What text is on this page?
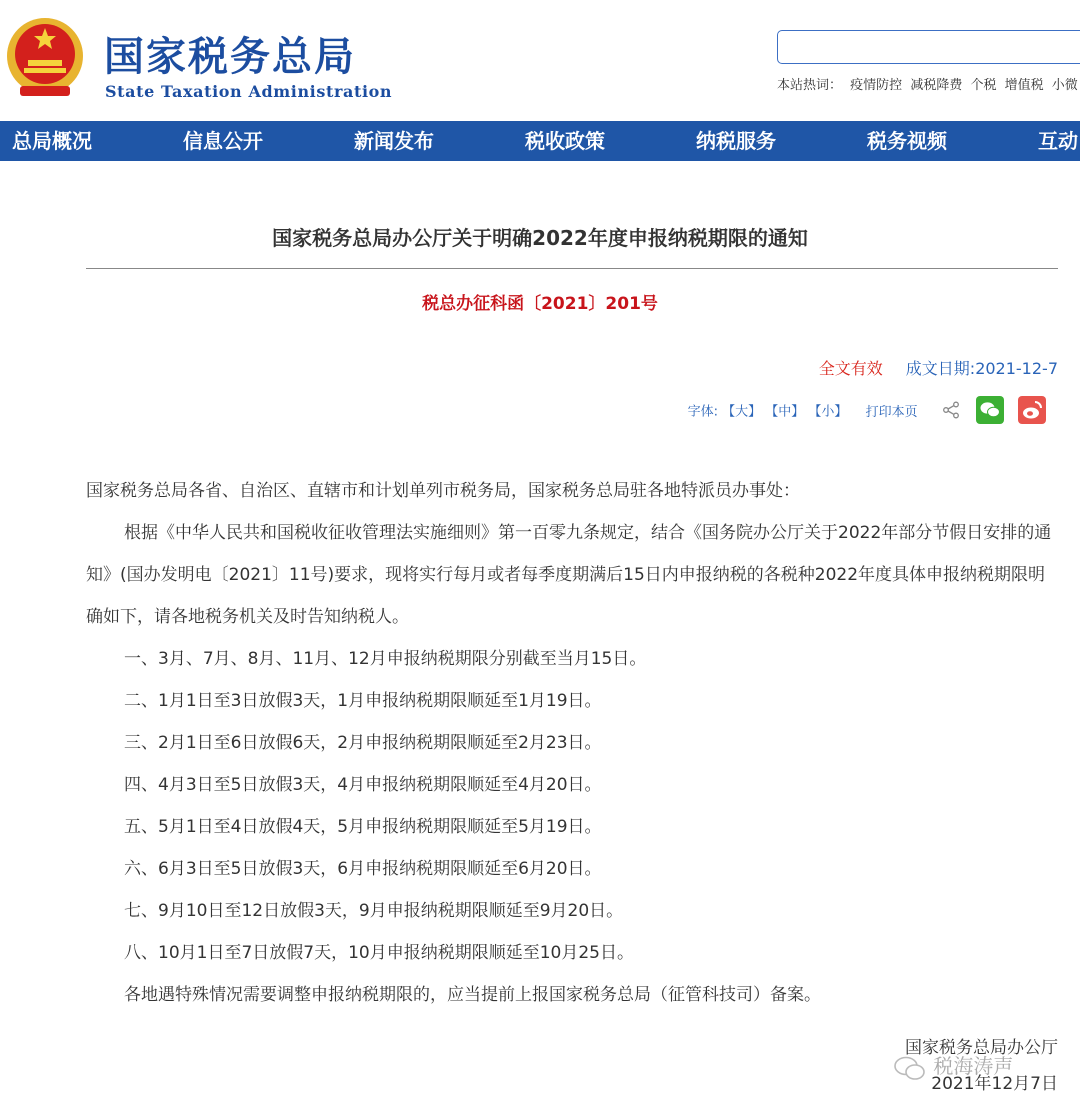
国家税务总局
State Taxation Administration	本站热词： 疫情防控 减税降费 个税 增值税 小微
总局概况	信息公开	新闻发布	税收政策	纳税服务	税务视频	互动
国家税务总局办公厅关于明确2022年度申报纳税期限的通知
税总办征科函〔2021〕201号
全文有效 成文日期:2021-12-7
字体: 【大】 【中】 【小】 打印本页

国家税务总局各省、自治区、直辖市和计划单列市税务局，国家税务总局驻各地特派员办事处：

根据《中华人民共和国税收征收管理法实施细则》第一百零九条规定，结合《国务院办公厅关于2022年部分节假日安排的通知》(国办发明电〔2021〕11号)要求，现将实行每月或者每季度期满后15日内申报纳税的各税种2022年度具体申报纳税期限明确如下，请各地税务机关及时告知纳税人。

一、3月、7月、8月、11月、12月申报纳税期限分别截至当月15日。

二、1月1日至3日放假3天，1月申报纳税期限顺延至1月19日。

三、2月1日至6日放假6天，2月申报纳税期限顺延至2月23日。

四、4月3日至5日放假3天，4月申报纳税期限顺延至4月20日。

五、5月1日至4日放假4天，5月申报纳税期限顺延至5月19日。

六、6月3日至5日放假3天，6月申报纳税期限顺延至6月20日。

七、9月10日至12日放假3天，9月申报纳税期限顺延至9月20日。

八、10月1日至7日放假7天，10月申报纳税期限顺延至10月25日。

各地遇特殊情况需要调整申报纳税期限的，应当提前上报国家税务总局（征管科技司）备案。

国家税务总局办公厅
2021年12月7日
税海涛声
